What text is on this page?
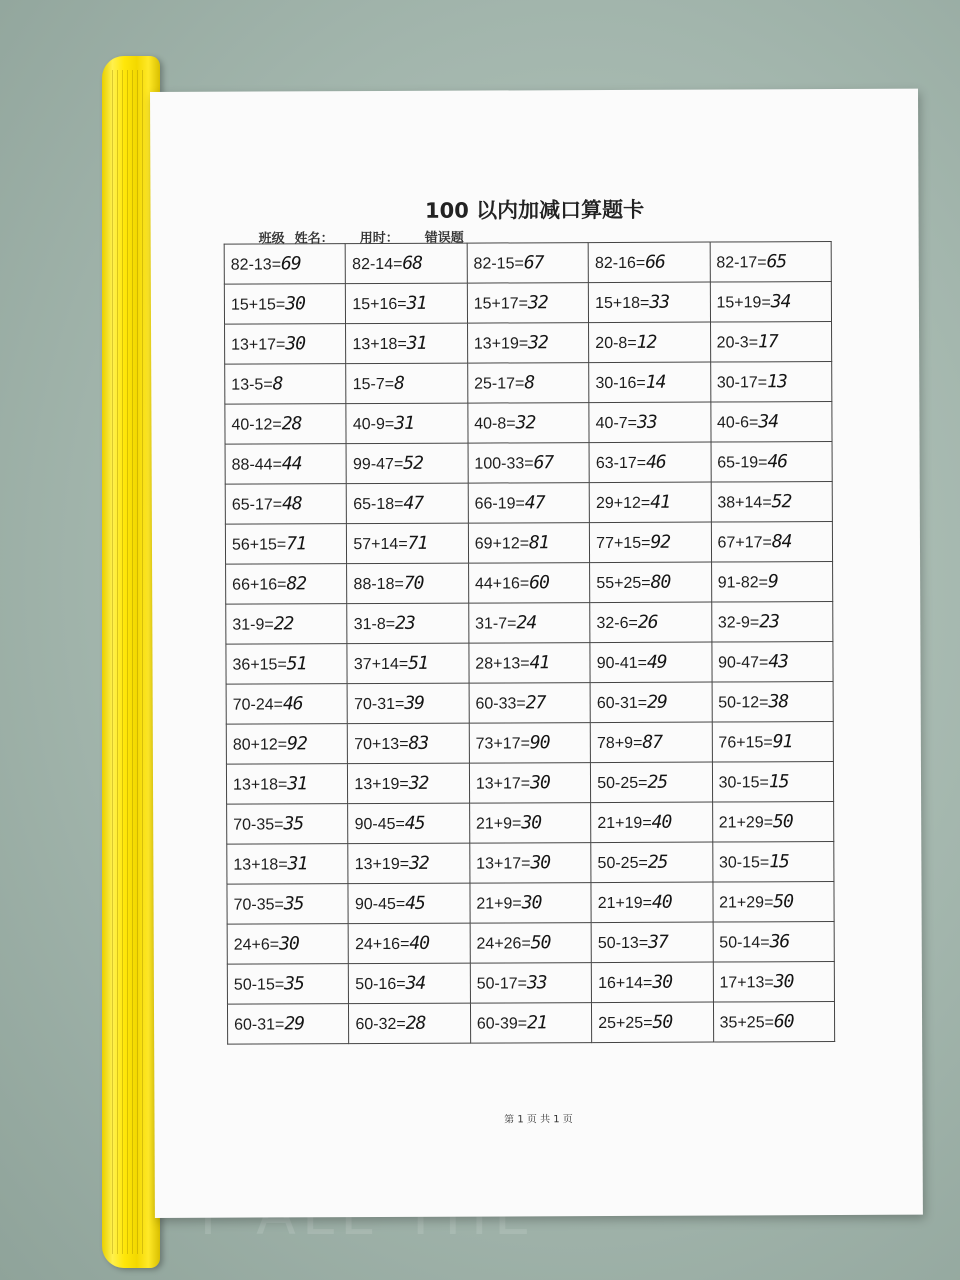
100 以内加减口算题卡
班级 姓名： 用时： 错误题
82-13=69	82-14=68	82-15=67	82-16=66	82-17=65
15+15=30	15+16=31	15+17=32	15+18=33	15+19=34
13+17=30	13+18=31	13+19=32	20-8=12	20-3=17
13-5=8	15-7=8	25-17=8	30-16=14	30-17=13
40-12=28	40-9=31	40-8=32	40-7=33	40-6=34
88-44=44	99-47=52	100-33=67	63-17=46	65-19=46
65-17=48	65-18=47	66-19=47	29+12=41	38+14=52
56+15=71	57+14=71	69+12=81	77+15=92	67+17=84
66+16=82	88-18=70	44+16=60	55+25=80	91-82=9
31-9=22	31-8=23	31-7=24	32-6=26	32-9=23
36+15=51	37+14=51	28+13=41	90-41=49	90-47=43
70-24=46	70-31=39	60-33=27	60-31=29	50-12=38
80+12=92	70+13=83	73+17=90	78+9=87	76+15=91
13+18=31	13+19=32	13+17=30	50-25=25	30-15=15
70-35=35	90-45=45	21+9=30	21+19=40	21+29=50
13+18=31	13+19=32	13+17=30	50-25=25	30-15=15
70-35=35	90-45=45	21+9=30	21+19=40	21+29=50
24+6=30	24+16=40	24+26=50	50-13=37	50-14=36
50-15=35	50-16=34	50-17=33	16+14=30	17+13=30
60-31=29	60-32=28	60-39=21	25+25=50	35+25=60
第 1 页 共 1 页
